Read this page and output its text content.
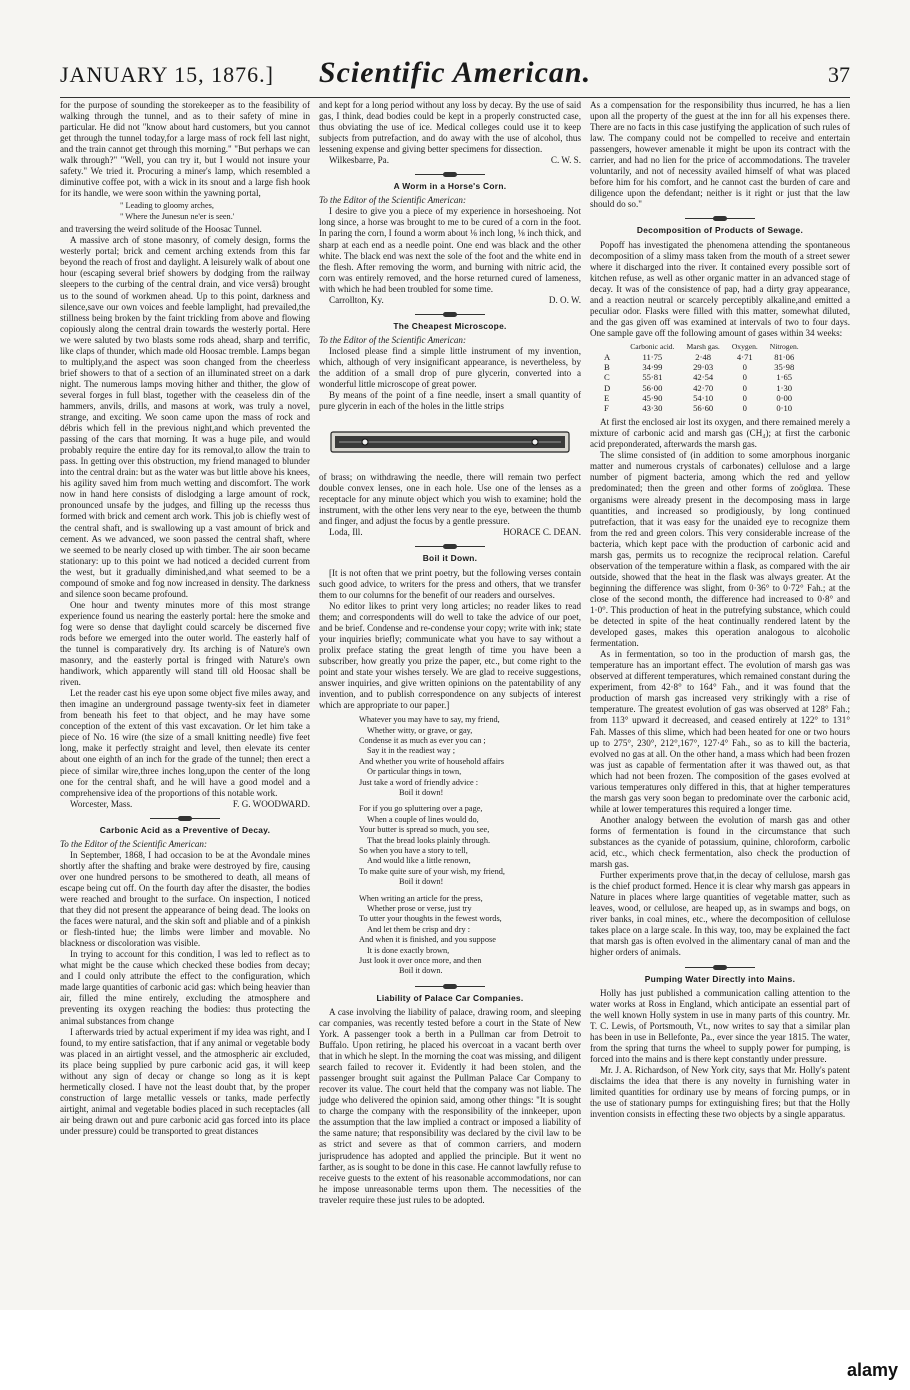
JANUARY 15, 1876.]	Scientific American.	37

for the purpose of sounding the storekeeper as to the feasibility of walking through the tunnel, and as to their safety of mine in particular. He did not "know about hard customers, but you cannot get through the tunnel today,for a large mass of rock fell last night, and the train cannot get through this morning." "But perhaps we can walk through?" "Well, you can try it, but I would not insure your safety." We tried it. Procuring a miner's lamp, which resembled a diminutive coffee pot, with a wick in its snout and a large fish hook for its handle, we were soon within the yawning portal,

" Leading to gloomy arches,
" Where the Junesun ne'er is seen.'

and traversing the weird solitude of the Hoosac Tunnel.

A massive arch of stone masonry, of comely design, forms the westerly portal; brick and cement arching extends from this far beyond the reach of frost and daylight. A leisurely walk of about one hour (escaping several brief showers by dodging from the railway sleepers to the curbing of the central drain, and vice versâ) brought us to the sound of workmen ahead. Up to this point, darkness and silence,save our own voices and feeble lamplight, had prevailed,the stillness being broken by the faint trickling from above and flowing copiously along the central drain towards the westerly portal. Here we were saluted by two blasts some rods ahead, sharp and terrific, like claps of thunder, which made old Hoosac tremble. Lamps began to multiply,and the aspect was soon changed from the cheerless brief showers to that of a section of an illuminated street on a dark night. The numerous lamps moving hither and thither, the glow of several forges in full blast, together with the ceaseless din of the hammers, anvils, drills, and masons at work, was truly a novel, strange, and exciting. We soon came upon the mass of rock and débris which fell in the previous night,and which prevented the passing of the cars that morning. It was a huge pile, and would probably require the entire day for its removal,to allow the train to pass. In getting over this obstruction, my friend managed to blunder into the central drain: but as the water was but little above his knees, his agility saved him from much wetting and discomfort. The work now in hand here consists of dislodging a large amount of rock, pronounced unsafe by the judges, and filling up the recesss thus formed with brick and cement arch work. This job is chiefly west of the central shaft, and is swallowing up a vast amount of brick and cement. As we advanced, we soon passed the central shaft, where we seemed to be nearly closed up with timber. The air soon became stationary: up to this point we had noticed a decided current from the west, but it gradually diminished,and what seemed to be a compound of smoke and fog now increased in density. The darkness and silence soon became profound.

One hour and twenty minutes more of this most strange experience found us nearing the easterly portal: here the smoke and fog were so dense that daylight could scarcely be discerned five rods before we emerged into the outer world. The easterly half of the tunnel is comparatively dry. Its arching is of Nature's own masonry, and the easterly portal is fringed with Nature's own handiwork, which apparently will stand till old Hoosac shall be riven.

Let the reader cast his eye upon some object five miles away, and then imagine an underground passage twenty-six feet in diameter from beneath his feet to that object, and he may have some conception of the extent of this vast excavation. Or let him take a piece of No. 16 wire (the size of a small knitting needle) five feet long, make it perfectly straight and level, then elevate its center about one eighth of an inch for the grade of the tunnel; then erect a piece of similar wire,three inches long,upon the center of the long one for the central shaft, and he will have a good model and a comprehensive idea of the proportions of this notable work.

Worcester, Mass.	F. G. WOODWARD.

Carbonic Acid as a Preventive of Decay.

To the Editor of the Scientific American:

In September, 1868, I had occasion to be at the Avondale mines shortly after the shafting and brake were destroyed by fire, causing over one hundred persons to be smothered to death, all means of escape being cut off. On the fourth day after the disaster, the bodies were reached and brought to the surface. On inspection, I noticed that they did not present the appearance of being dead. The looks on the faces were natural, and the skin soft and pliable and of a pinkish or flesh-tinted hue; the limbs were limber and movable. No blackness or discoloration was visible.

In trying to account for this condition, I was led to reflect as to what might be the cause which checked these bodies from decay; and I could only attribute the effect to the configuration, which made large quantities of carbonic acid gas: which being heavier than air, filled the mine entirely, excluding the atmosphere and preventing its oxygen reaching the bodies: thus protecting the animal substances from change

I afterwards tried by actual experiment if my idea was right, and I found, to my entire satisfaction, that if any animal or vegetable body was placed in an airtight vessel, and the atmospheric air excluded, its place being supplied by pure carbonic acid gas, it will keep without any sign of decay or change so long as it is kept hermetically closed. I have not the least doubt that, by the proper construction of large metallic vessels or tanks, made perfectly airtight, animal and vegetable bodies placed in such receptacles (all air being drawn out and pure carbonic acid gas forced into its place under pressure) could be transported to great distances

and kept for a long period without any loss by decay. By the use of said gas, I think, dead bodies could be kept in a properly constructed case, thus obviating the use of ice. Medical colleges could use it to keep subjects from putrefaction, and do away with the use of alcohol, thus lessening expense and giving better specimens for dissection.

Wilkesbarre, Pa.	C. W. S.

A Worm in a Horse's Corn.

To the Editor of the Scientific American:

I desire to give you a piece of my experience in horseshoeing. Not long since, a horse was brought to me to be cured of a corn in the foot. In paring the corn, I found a worm about ⅛ inch long, ⅛ inch thick, and sharp at each end as a needle point. One end was black and the other white. The black end was next the sole of the foot and the white end in the flesh. After removing the worm, and burning with nitric acid, the corn was entirely removed, and the horse returned cured of lameness, with which he had been troubled for some time.

Carrollton, Ky.	D. O. W.

The Cheapest Microscope.

To the Editor of the Scientific American:

Inclosed please find a simple little instrument of my invention, which, although of very insignificant appearance, is nevertheless, by the addition of a small drop of pure glycerin, converted into a wonderful little microscope of great power.

By means of the point of a fine needle, insert a small quantity of pure glycerin in each of the holes in the little strips

of brass; on withdrawing the needle, there will remain two perfect double convex lenses, one in each hole. Use one of the lenses as a receptacle for any minute object which you wish to examine; hold the instrument, with the other lens very near to the eye, between the thumb and finger, and adjust the focus by a gentle pressure.

Loda, Ill.	HORACE C. DEAN.

Boil it Down.

[It is not often that we print poetry, but the following verses contain such good advice, to writers for the press and others, that we transfer them to our columns for the benefit of our readers and ourselves.

No editor likes to print very long articles; no reader likes to read them; and correspondents will do well to take the advice of our poet, and be brief. Condense and re-condense your copy; write with ink; state your inquiries briefly; communicate what you have to say without a prolix preface stating the great length of time you have been a subscriber, how greatly you prize the paper, etc., but come right to the point and state your wishes tersely. We are glad to receive suggestions, answer inquiries, and give written opinions on the patentability of any invention, and to publish correspondence on any subjects of interest which are appropriate to our paper.]

Whatever you may have to say, my friend,
Whether witty, or grave, or gay,
Condense it as much as ever you can ;
Say it in the readiest way ;
And whether you write of household affairs
Or particular things in town,
Just take a word of friendly advice :
Boil it down!
For if you go spluttering over a page,
When a couple of lines would do,
Your butter is spread so much, you see,
That the bread looks plainly through.
So when you have a story to tell,
And would like a little renown,
To make quite sure of your wish, my friend,
Boil it down!
When writing an article for the press,
Whether prose or verse, just try
To utter your thoughts in the fewest words,
And let them be crisp and dry :
And when it is finished, and you suppose
It is done exactly brown,
Just look it over once more, and then
Boil it down.
Liability of Palace Car Companies.

A case involving the liability of palace, drawing room, and sleeping car companies, was recently tested before a court in the State of New York. A passenger took a berth in a Pullman car from Detroit to Buffalo. Upon retiring, he placed his overcoat in a vacant berth over that in which he slept. In the morning the coat was missing, and diligent search failed to recover it. Evidently it had been stolen, and the passenger brought suit against the Pullman Palace Car Company to recover its value. The court held that the company was not liable. The judge who delivered the opinion said, among other things: "It is sought to charge the company with the responsibility of the innkeeper, upon the assumption that the law implied a contract or imposed a liability of the same nature; that responsibility was declared by the civil law to be as strict and severe as that of common carriers, and modern jurisprudence has adopted and applied the principle. But it went no farther, as is sought to be done in this case. He cannot lawfully refuse to receive guests to the extent of his reasonable accommodations, nor can he impose unreasonable terms upon them. The necessities of the traveler require these just rules to be adopted.

As a compensation for the responsibility thus incurred, he has a lien upon all the property of the guest at the inn for all his expenses there. There are no facts in this case justifying the application of such rules of law. The company could not be compelled to receive and entertain passengers, however amenable it might be upon its contract with the carrier, and had no lien for the price of accommodations. The traveler voluntarily, and not of necessity availed himself of what was placed before him for his comfort, and he cannot cast the burden of care and diligence upon the defendant; neither is it right or just that the law should do so."

Decomposition of Products of Sewage.

Popoff has investigated the phenomena attending the spontaneous decomposition of a slimy mass taken from the mouth of a street sewer where it discharged into the river. It contained every possible sort of kitchen refuse, as well as other organic matter in an advanced stage of decay. It was of the consistence of pap, had a dirty gray appearance, and a reaction neutral or scarcely perceptibly alkaline,and emitted a peculiar odor. Flasks were filled with this matter, somewhat diluted, and the gas given off was examined at intervals of two to four days. One sample gave off the following amount of gases within 34 weeks:

	Carbonic acid.	Marsh gas.	Oxygen.	Nitrogen.
A	11·75	2·48	4·71	81·06
B	34·99	29·03	0	35·98
C	55·81	42·54	0	1·65
D	56·00	42·70	0	1·30
E	45·90	54·10	0	0·00
F	43·30	56·60	0	0·10

At first the enclosed air lost its oxygen, and there remained merely a mixture of carbonic acid and marsh gas (CH₄); at first the carbonic acid preponderated, afterwards the marsh gas.

The slime consisted of (in addition to some amorphous inorganic matter and numerous crystals of carbonates) cellulose and a large number of pigment bacteria, among which the red and yellow predominated; then the green and other forms of zoöglœa. These organisms were already present in the decomposing mass in large quantities, and increased so prodigiously, by long continued putrefaction, that it was easy for the unaided eye to recognize them from the red and green colors. This very considerable increase of the bacteria, which kept pace with the production of carbonic acid and marsh gas, permits us to recognize the reciprocal relation. Careful observation of the temperature within a flask, as compared with the air outside, showed that the heat in the flask was always greater. At the beginning the difference was slight, from 0·36° to 0·72° Fah.; at the close of the second month, the difference had increased to 0·8° and 1·0°. This production of heat in the putrefying substance, which could be detected in spite of the heat continually rendered latent by the developed gases, makes this operation analogous to alcoholic fermentation.

As in fermentation, so too in the production of marsh gas, the temperature has an important effect. The evolution of marsh gas was observed at different temperatures, which remained constant during the experiment, from 42·8° to 164° Fah., and it was found that the production of marsh gas increased very strikingly with a rise of temperature. The greatest evolution of gas was observed at 128° Fah.; from 113° upward it decreased, and ceased entirely at 122° to 131° Fah. Masses of this slime, which had been heated for one or two hours up to 275°, 230°, 212°,167°, 127·4° Fah., so as to kill the bacteria, evolved no gas at all. On the other hand, a mass which had been frozen was just as capable of fermentation after it was thawed out, as that which had not been frozen. The composition of the gases evolved at various temperatures only differed in this, that at higher temperatures the marsh gas very soon began to predominate over the carbonic acid, while at lower temperatures this required a longer time.

Another analogy between the evolution of marsh gas and other forms of fermentation is found in the circumstance that such substances as the cyanide of potassium, quinine, chloroform, carbolic acid, etc., which check fermentation, also check the production of marsh gas.

Further experiments prove that,in the decay of cellulose, marsh gas is the chief product formed. Hence it is clear why marsh gas appears in Nature in places where large quantities of vegetable matter, such as leaves, wood, or cellulose, are heaped up, as in swamps and bogs, on river banks, in coal mines, etc., where the decomposition of cellulose takes place on a large scale. In this way, too, may be explained the fact that marsh gas is often evolved in the alimentary canal of man and the higher orders of animals.

Pumping Water Directly into Mains.

Holly has just published a communication calling attention to the water works at Ross in England, which anticipate an essential part of the well known Holly system in use in many parts of this country. Mr. T. C. Lewis, of Portsmouth, Vt., now writes to say that a similar plan has been in use in Bellefonte, Pa., ever since the year 1815. The water, from the spring that turns the wheel to supply power for pumping, is forced into the mains and is there kept constantly under pressure.

Mr. J. A. Richardson, of New York city, says that Mr. Holly's patent disclaims the idea that there is any novelty in furnishing water in limited quantities for ordinary use by means of forcing pumps, or in the use of stationary pumps for extinguishing fires; but that the Holly invention consists in effecting these two objects by a single apparatus.

alamy
